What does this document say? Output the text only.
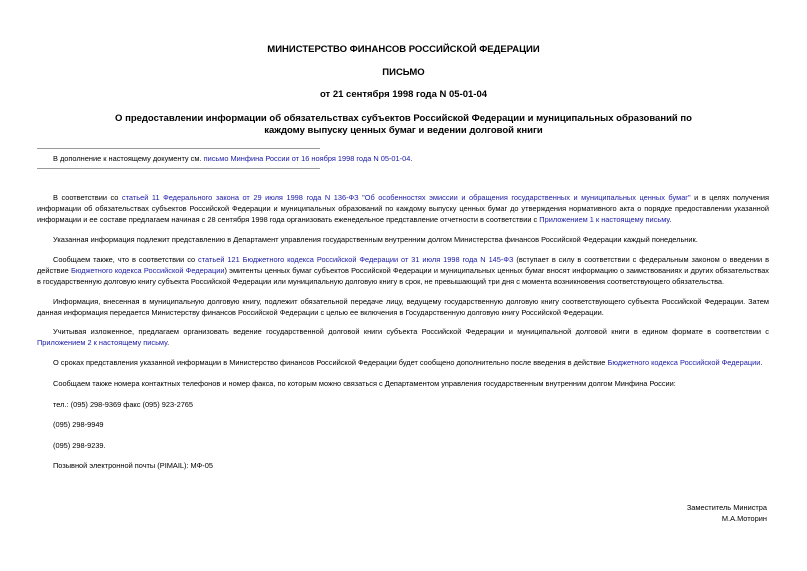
МИНИСТЕРСТВО ФИНАНСОВ РОССИЙСКОЙ ФЕДЕРАЦИИ
ПИСЬМО
от 21 сентября 1998 года N 05-01-04
О предоставлении информации об обязательствах субъектов Российской Федерации и муниципальных образований по каждому выпуску ценных бумаг и ведении долговой книги
В дополнение к настоящему документу см. письмо Минфина России от 16 ноября 1998 года N 05-01-04.
В соответствии со статьей 11 Федерального закона от 29 июля 1998 года N 136-ФЗ "Об особенностях эмиссии и обращения государственных и муниципальных ценных бумаг" и в целях получения информации об обязательствах субъектов Российской Федерации и муниципальных образований по каждому выпуску ценных бумаг до утверждения нормативного акта о порядке предоставлении указанной информации и ее составе предлагаем начиная с 28 сентября 1998 года организовать еженедельное представление отчетности в соответствии с Приложением 1 к настоящему письму.
Указанная информация подлежит представлению в Департамент управления государственным внутренним долгом Министерства финансов Российской Федерации каждый понедельник.
Сообщаем также, что в соответствии со статьей 121 Бюджетного кодекса Российской Федерации от 31 июля 1998 года N 145-ФЗ (вступает в силу в соответствии с федеральным законом о введении в действие Бюджетного кодекса Российской Федерации) эмитенты ценных бумаг субъектов Российской Федерации и муниципальных ценных бумаг вносят информацию о заимствованиях и других обязательствах в государственную долговую книгу субъекта Российской Федерации или муниципальную долговую книгу в срок, не превышающий три дня с момента возникновения соответствующего обязательства.
Информация, внесенная в муниципальную долговую книгу, подлежит обязательной передаче лицу, ведущему государственную долговую книгу соответствующего субъекта Российской Федерации. Затем данная информация передается Министерству финансов Российской Федерации с целью ее включения в Государственную долговую книгу Российской Федерации.
Учитывая изложенное, предлагаем организовать ведение государственной долговой книги субъекта Российской Федерации и муниципальной долговой книги в едином формате в соответствии с Приложением 2 к настоящему письму.
О сроках представления указанной информации в Министерство финансов Российской Федерации будет сообщено дополнительно после введения в действие Бюджетного кодекса Российской Федерации.
Сообщаем также номера контактных телефонов и номер факса, по которым можно связаться с Департаментом управления государственным внутренним долгом Минфина России:
тел.: (095) 298-9369 факс (095) 923-2765
(095) 298-9949
(095) 298-9239.
Позывной электронной почты (PIMAIL): МФ-05
Заместитель Министра
М.А.Моторин
